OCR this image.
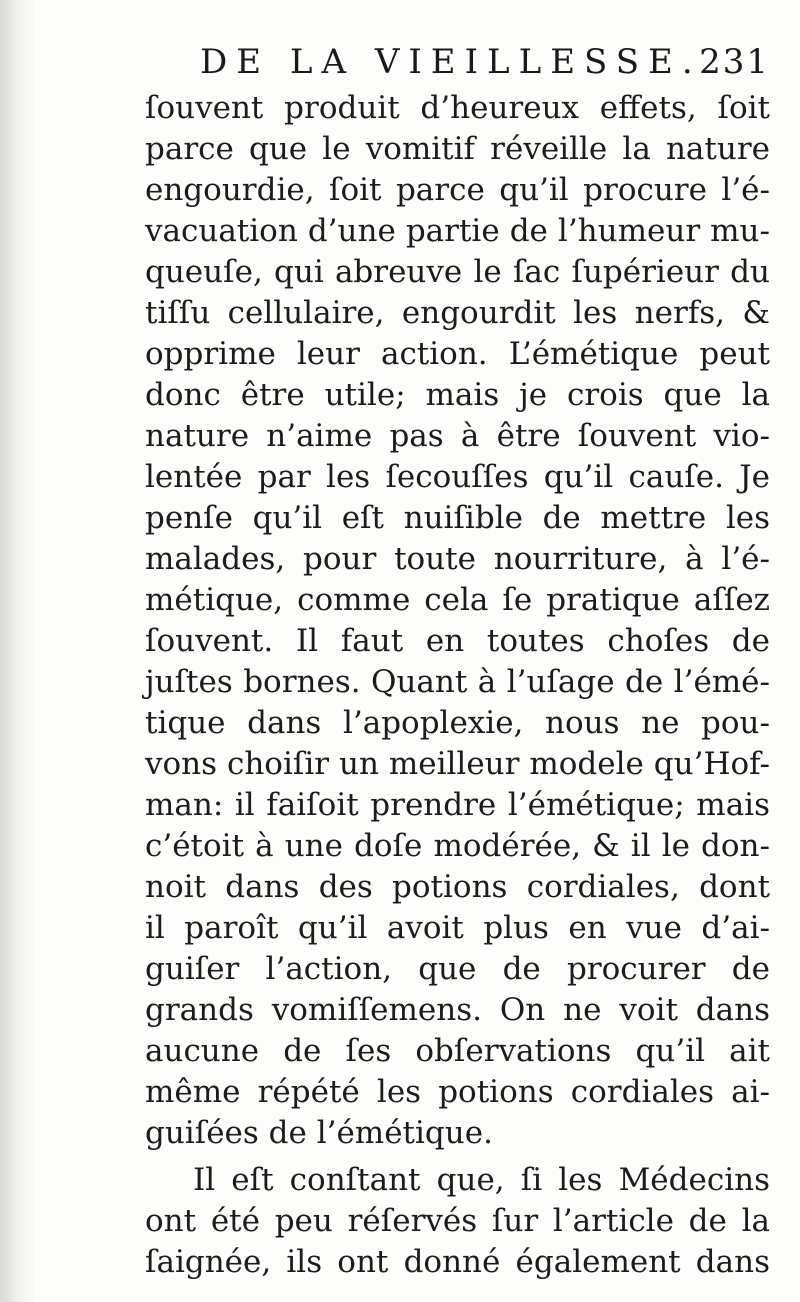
DE LA VIEILLESSE.
231
ſouvent produit d’heureux effets, ſoit
parce que le vomitif réveille la nature
engourdie, ſoit parce qu’il procure l’é-
vacuation d’une partie de l’humeur mu-
queuſe, qui abreuve le ſac ſupérieur du
tiſſu cellulaire, engourdit les nerfs, &
opprime leur action. L’émétique peut
donc être utile; mais je crois que la
nature n’aime pas à être ſouvent vio-
lentée par les ſecouſſes qu’il cauſe. Je
penſe qu’il eſt nuiſible de mettre les
malades, pour toute nourriture, à l’é-
métique, comme cela ſe pratique aſſez
ſouvent. Il faut en toutes choſes de
juſtes bornes. Quant à l’uſage de l’émé-
tique dans l’apoplexie, nous ne pou-
vons choiſir un meilleur modele qu’Hof-
man: il faiſoit prendre l’émétique; mais
c’étoit à une doſe modérée, & il le don-
noit dans des potions cordiales, dont
il paroît qu’il avoit plus en vue d’ai-
guiſer l’action, que de procurer de
grands vomiſſemens. On ne voit dans
aucune de ſes obſervations qu’il ait
même répété les potions cordiales ai-
guiſées de l’émétique.
Il eſt conſtant que, ſi les Médecins
ont été peu réſervés ſur l’article de la
ſaignée, ils ont donné également dans
